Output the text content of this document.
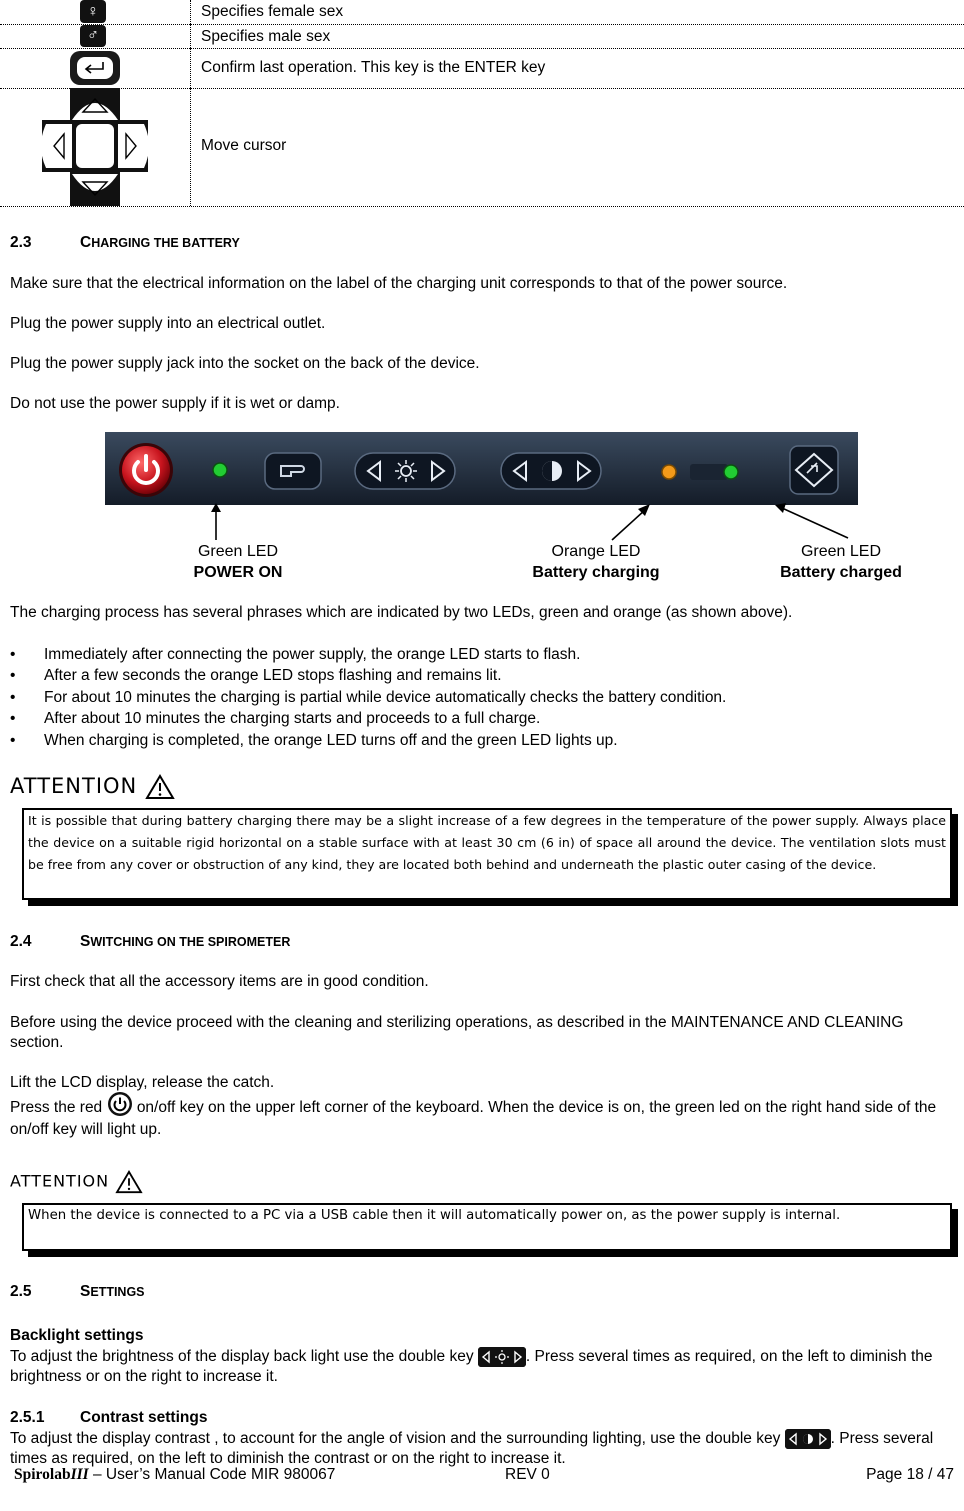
♀	Specifies female sex
♂	Specifies male sex
Confirm last operation. This key is the ENTER key
Move cursor
2.3	CHARGING THE BATTERY

Make sure that the electrical information on the label of the charging unit corresponds to that of the power source.

Plug the power supply into an electrical outlet.

Plug the power supply jack into the socket on the back of the device.

Do not use the power supply if it is wet or damp.

Green LED
POWER ON
Orange LED
Battery charging
Green LED
Battery charged

The charging process has several phrases which are indicated by two LEDs, green and orange (as shown above).

• Immediately after connecting the power supply, the orange LED starts to flash.
• After a few seconds the orange LED stops flashing and remains lit.
• For about 10 minutes the charging is partial while device automatically checks the battery condition.
• After about 10 minutes the charging starts and proceeds to a full charge.
• When charging is completed, the orange LED turns off and the green LED lights up.
ATTENTION
It is possible that during battery charging there may be a slight increase of a few degrees in the temperature of the power supply. Always place the device on a suitable rigid horizontal on a stable surface with at least 30 cm (6 in) of space all around the device. The ventilation slots must be free from any cover or obstruction of any kind, they are located both behind and underneath the plastic outer casing of the device.
2.4	SWITCHING ON THE SPIROMETER

First check that all the accessory items are in good condition.

Before using the device proceed with the cleaning and sterilizing operations, as described in the MAINTENANCE AND CLEANING section.

Lift the LCD display, release the catch.

Press the red on/off key on the upper left corner of the keyboard. When the device is on, the green led on the right hand side of the on/off key will light up.

ATTENTION
When the device is connected to a PC via a USB cable then it will automatically power on, as the power supply is internal.
2.5	SETTINGS

Backlight settings

To adjust the brightness of the display back light use the double key	. Press several times as required, on the left to diminish the brightness or on the right to increase it.

2.5.1 Contrast settings

To adjust the display contrast , to account for the angle of vision and the surrounding lighting, use the double key	. Press several times as required, on the left to diminish the contrast or on the right to increase it.

SpirolabIII – User’s Manual Code MIR 980067	REV 0	Page 18 / 47
